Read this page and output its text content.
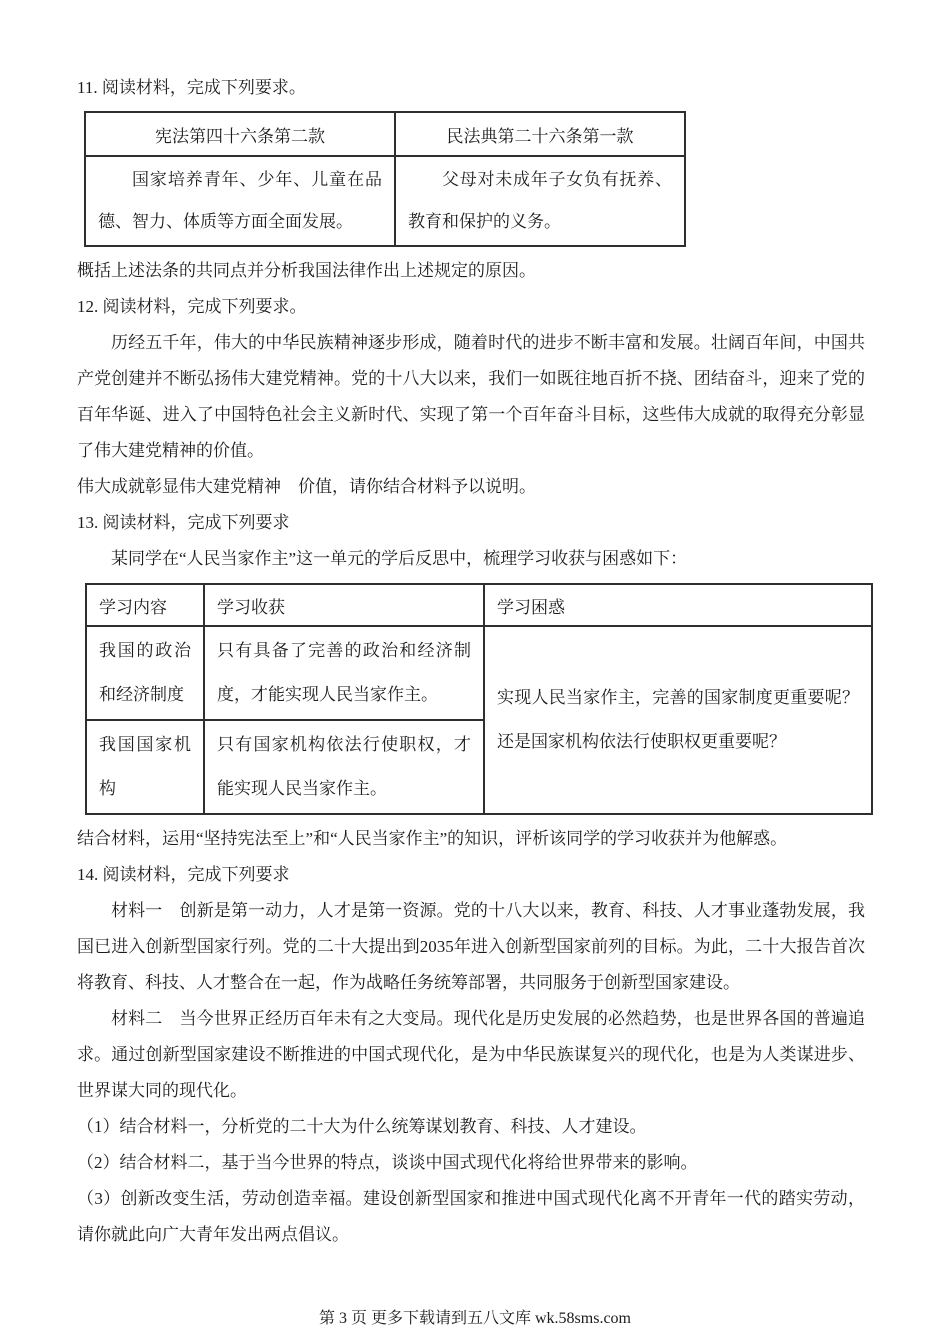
11. 阅读材料，完成下列要求。

宪法第四十六条第二款	民法典第二十六条第一款
国家培养青年、少年、儿童在品德、智力、体质等方面全面发展。	父母对未成年子女负有抚养、教育和保护的义务。

概括上述法条的共同点并分析我国法律作出上述规定的原因。

12. 阅读材料，完成下列要求。

历经五千年，伟大的中华民族精神逐步形成，随着时代的进步不断丰富和发展。壮阔百年间，中国共产党创建并不断弘扬伟大建党精神。党的十八大以来，我们一如既往地百折不挠、团结奋斗，迎来了党的百年华诞、进入了中国特色社会主义新时代、实现了第一个百年奋斗目标，这些伟大成就的取得充分彰显了伟大建党精神的价值。

伟大成就彰显伟大建党精神　价值，请你结合材料予以说明。

13. 阅读材料，完成下列要求

某同学在“人民当家作主”这一单元的学后反思中，梳理学习收获与困惑如下：

学习内容	学习收获	学习困惑
我国的政治和经济制度	只有具备了完善的政治和经济制度，才能实现人民当家作主。	实现人民当家作主，完善的国家制度更重要呢？还是国家机构依法行使职权更重要呢？
我国国家机构	只有国家机构依法行使职权，才能实现人民当家作主。	

结合材料，运用“坚持宪法至上”和“人民当家作主”的知识，评析该同学的学习收获并为他解惑。

14. 阅读材料，完成下列要求

材料一　创新是第一动力，人才是第一资源。党的十八大以来，教育、科技、人才事业蓬勃发展，我国已进入创新型国家行列。党的二十大提出到2035年进入创新型国家前列的目标。为此，二十大报告首次将教育、科技、人才整合在一起，作为战略任务统筹部署，共同服务于创新型国家建设。

材料二　当今世界正经历百年未有之大变局。现代化是历史发展的必然趋势，也是世界各国的普遍追求。通过创新型国家建设不断推进的中国式现代化，是为中华民族谋复兴的现代化，也是为人类谋进步、世界谋大同的现代化。

（1）结合材料一，分析党的二十大为什么统筹谋划教育、科技、人才建设。

（2）结合材料二，基于当今世界的特点，谈谈中国式现代化将给世界带来的影响。

（3）创新改变生活，劳动创造幸福。建设创新型国家和推进中国式现代化离不开青年一代的踏实劳动，请你就此向广大青年发出两点倡议。

第 3 页 更多下载请到五八文库 wk.58sms.com
